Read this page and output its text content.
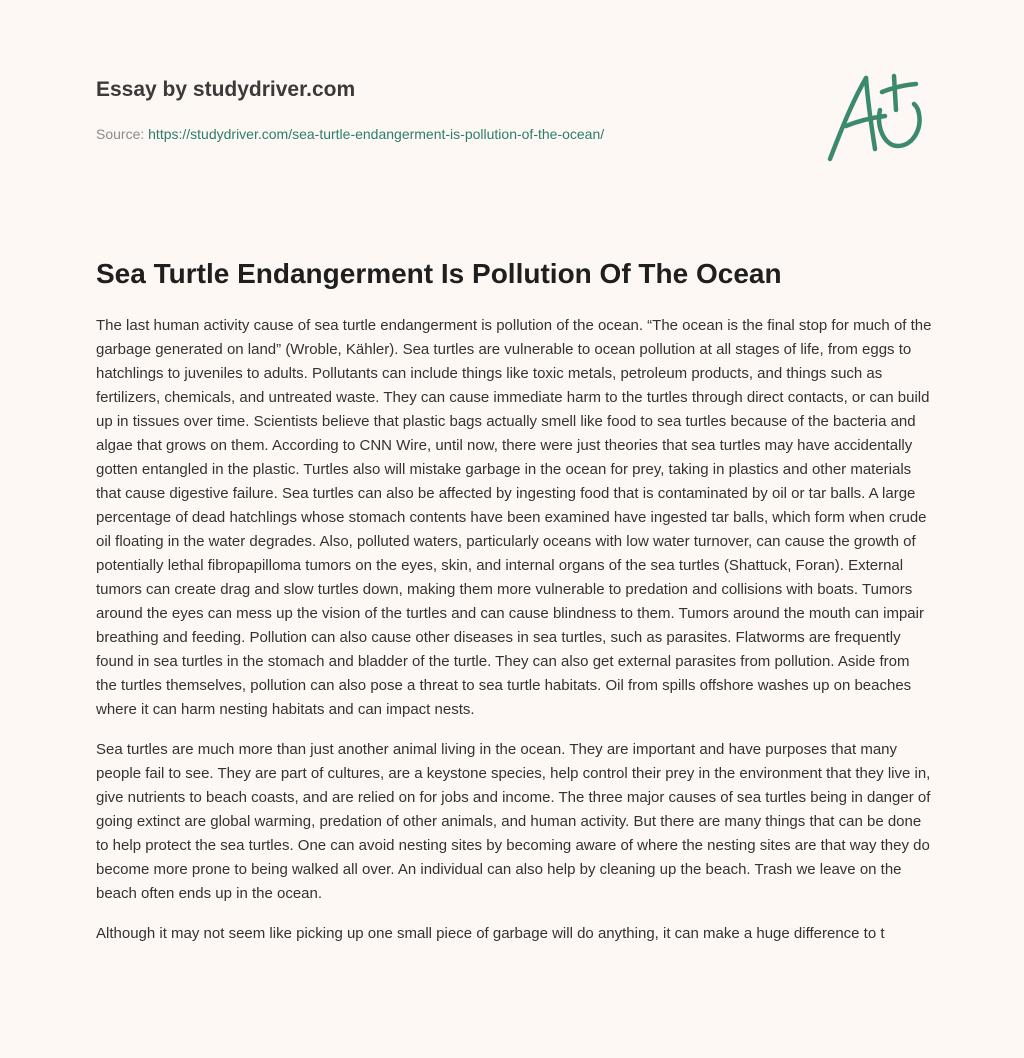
Essay by studydriver.com

Source: https://studydriver.com/sea-turtle-endangerment-is-pollution-of-the-ocean/
Sea Turtle Endangerment Is Pollution Of The Ocean

The last human activity cause of sea turtle endangerment is pollution of the ocean. “The ocean is the final stop for much of the garbage generated on land” (Wroble, Kähler). Sea turtles are vulnerable to ocean pollution at all stages of life, from eggs to hatchlings to juveniles to adults. Pollutants can include things like toxic metals, petroleum products, and things such as fertilizers, chemicals, and untreated waste. They can cause immediate harm to the turtles through direct contacts, or can build up in tissues over time. Scientists believe that plastic bags actually smell like food to sea turtles because of the bacteria and algae that grows on them. According to CNN Wire, until now, there were just theories that sea turtles may have accidentally gotten entangled in the plastic. Turtles also will mistake garbage in the ocean for prey, taking in plastics and other materials that cause digestive failure. Sea turtles can also be affected by ingesting food that is contaminated by oil or tar balls. A large percentage of dead hatchlings whose stomach contents have been examined have ingested tar balls, which form when crude oil floating in the water degrades. Also, polluted waters, particularly oceans with low water turnover, can cause the growth of potentially lethal fibropapilloma tumors on the eyes, skin, and internal organs of the sea turtles (Shattuck, Foran). External tumors can create drag and slow turtles down, making them more vulnerable to predation and collisions with boats. Tumors around the eyes can mess up the vision of the turtles and can cause blindness to them. Tumors around the mouth can impair breathing and feeding. Pollution can also cause other diseases in sea turtles, such as parasites. Flatworms are frequently found in sea turtles in the stomach and bladder of the turtle. They can also get external parasites from pollution. Aside from the turtles themselves, pollution can also pose a threat to sea turtle habitats. Oil from spills offshore washes up on beaches where it can harm nesting habitats and can impact nests.

Sea turtles are much more than just another animal living in the ocean. They are important and have purposes that many people fail to see. They are part of cultures, are a keystone species, help control their prey in the environment that they live in, give nutrients to beach coasts, and are relied on for jobs and income. The three major causes of sea turtles being in danger of going extinct are global warming, predation of other animals, and human activity. But there are many things that can be done to help protect the sea turtles. One can avoid nesting sites by becoming aware of where the nesting sites are that way they do become more prone to being walked all over. An individual can also help by cleaning up the beach. Trash we leave on the beach often ends up in the ocean.

Although it may not seem like picking up one small piece of garbage will do anything, it can make a huge difference to t
